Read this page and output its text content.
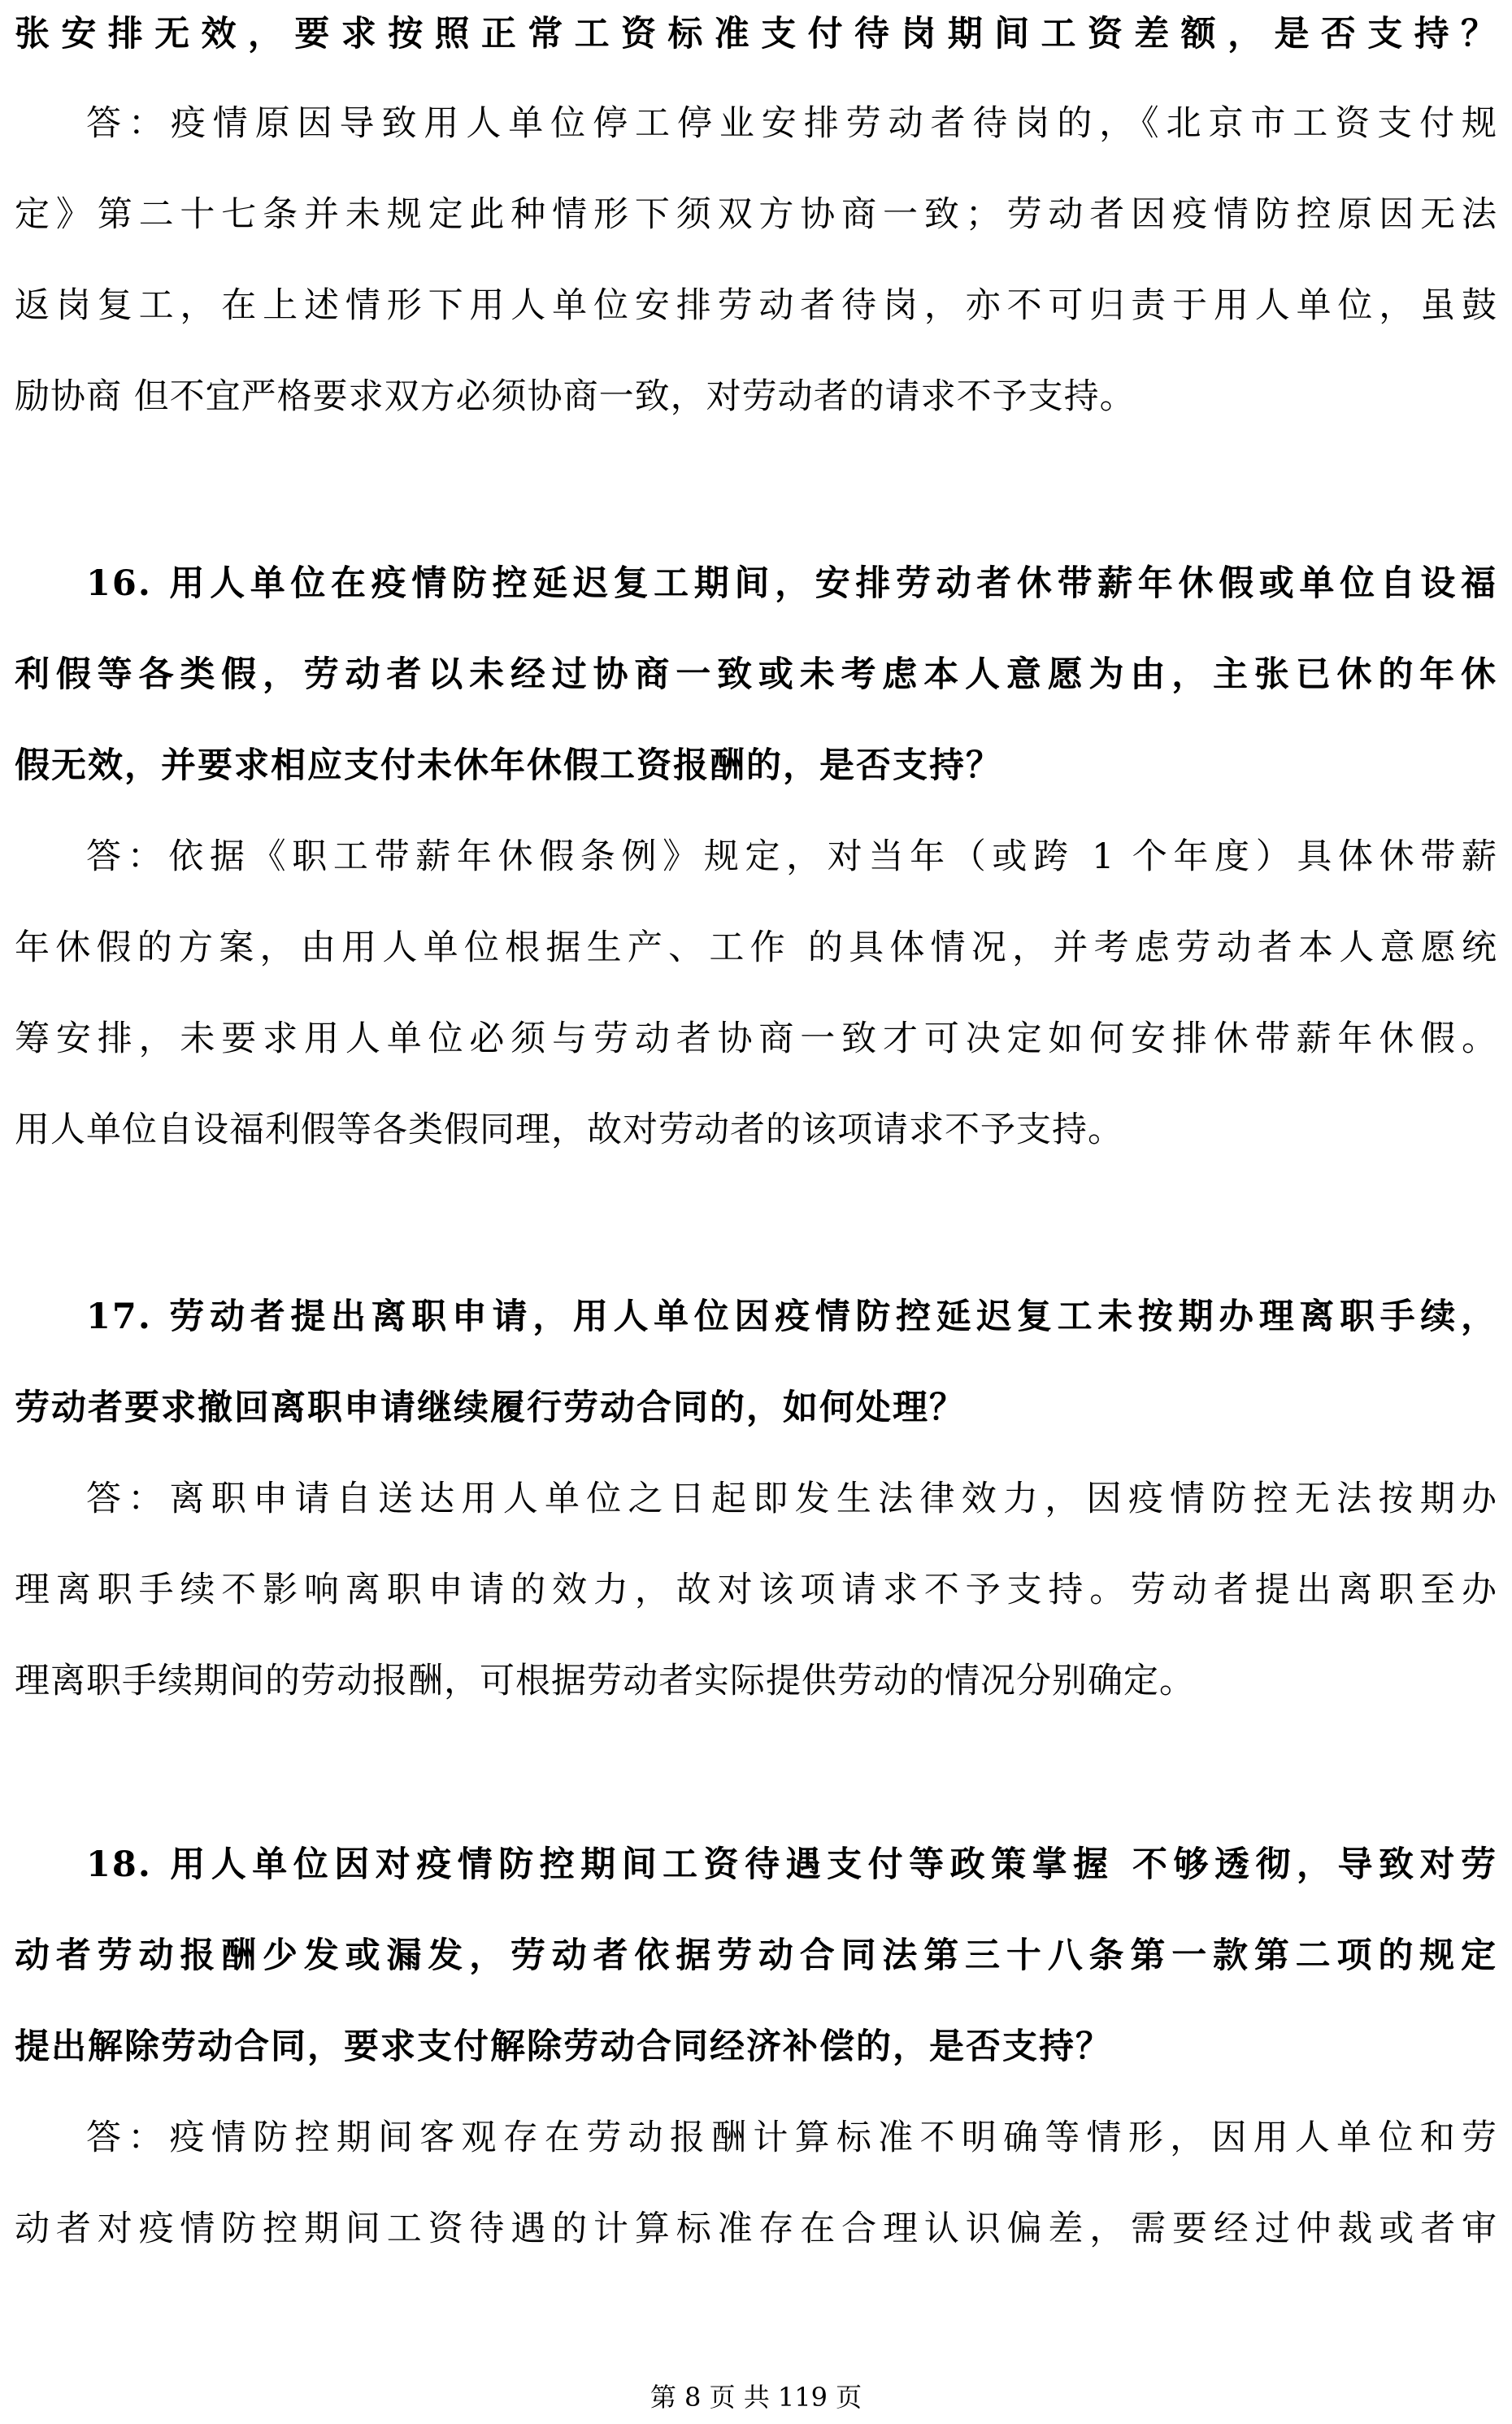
张安排无效，要求按照正常工资标准支付待岗期间工资差额，是否支持？
答：疫情原因导致用人单位停工停业安排劳动者待岗的，《北京市工资支付规
定》第二十七条并未规定此种情形下须双方协商一致；劳动者因疫情防控原因无法
返岗复工，在上述情形下用人单位安排劳动者待岗，亦不可归责于用人单位，虽鼓
励协商 但不宜严格要求双方必须协商一致，对劳动者的请求不予支持。
16. 用人单位在疫情防控延迟复工期间，安排劳动者休带薪年休假或单位自设福
利假等各类假，劳动者以未经过协商一致或未考虑本人意愿为由，主张已休的年休
假无效，并要求相应支付未休年休假工资报酬的，是否支持？
答：依据《职工带薪年休假条例》规定，对当年（或跨 1 个年度）具体休带薪
年休假的方案，由用人单位根据生产、工作 的具体情况，并考虑劳动者本人意愿统
筹安排，未要求用人单位必须与劳动者协商一致才可决定如何安排休带薪年休假。
用人单位自设福利假等各类假同理，故对劳动者的该项请求不予支持。
17. 劳动者提出离职申请，用人单位因疫情防控延迟复工未按期办理离职手续，
劳动者要求撤回离职申请继续履行劳动合同的，如何处理？
答：离职申请自送达用人单位之日起即发生法律效力，因疫情防控无法按期办
理离职手续不影响离职申请的效力，故对该项请求不予支持。劳动者提出离职至办
理离职手续期间的劳动报酬，可根据劳动者实际提供劳动的情况分别确定。
18. 用人单位因对疫情防控期间工资待遇支付等政策掌握 不够透彻，导致对劳
动者劳动报酬少发或漏发，劳动者依据劳动合同法第三十八条第一款第二项的规定
提出解除劳动合同，要求支付解除劳动合同经济补偿的，是否支持？
答：疫情防控期间客观存在劳动报酬计算标准不明确等情形，因用人单位和劳
动者对疫情防控期间工资待遇的计算标准存在合理认识偏差，需要经过仲裁或者审
第 8 页 共 119 页
